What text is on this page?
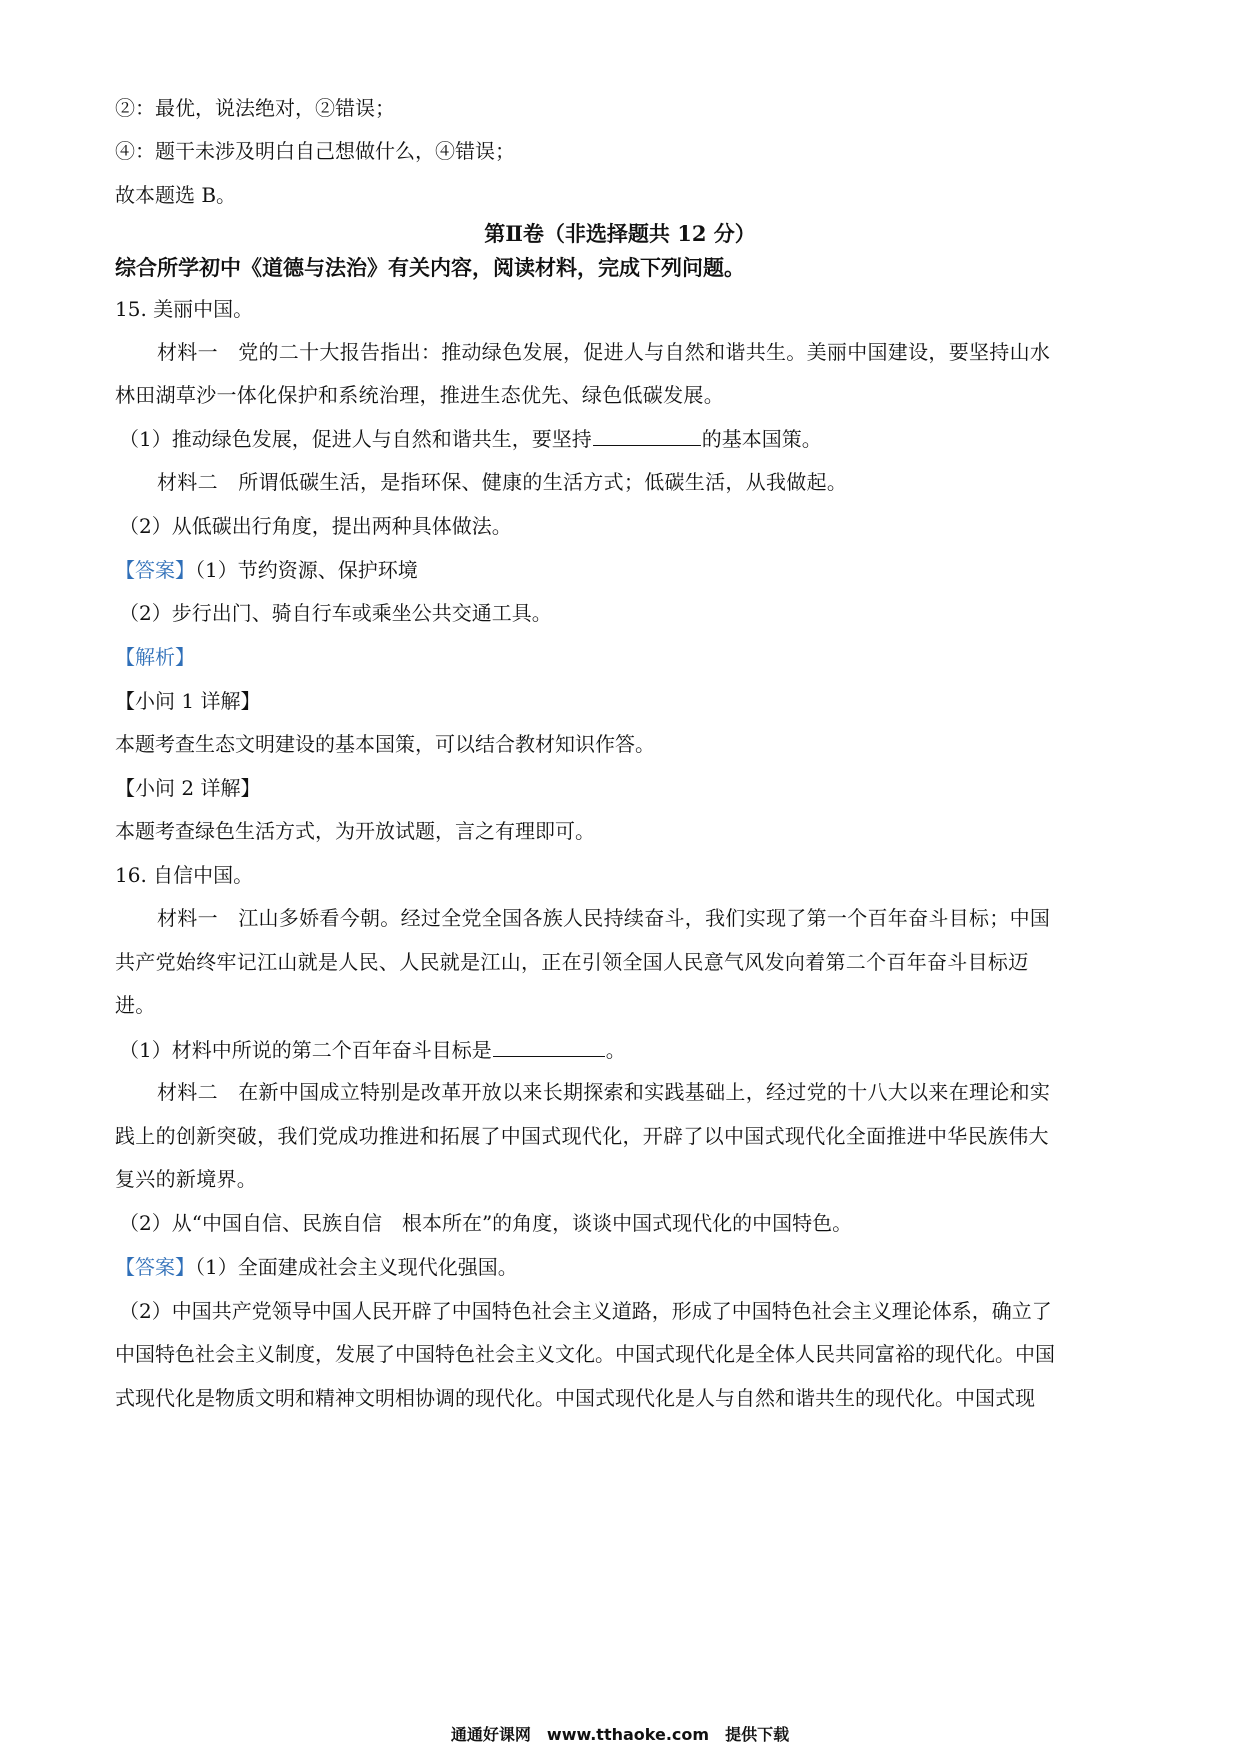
②：最优，说法绝对，②错误；
④：题干未涉及明白自己想做什么，④错误；
故本题选 B。
第Ⅱ卷（非选择题共 12 分）
综合所学初中《道德与法治》有关内容，阅读材料，完成下列问题。
15. 美丽中国。
材料一　党的二十大报告指出：推动绿色发展，促进人与自然和谐共生。美丽中国建设，要坚持山水
林田湖草沙一体化保护和系统治理，推进生态优先、绿色低碳发展。
（1）推动绿色发展，促进人与自然和谐共生，要坚持	的基本国策。
材料二　所谓低碳生活，是指环保、健康的生活方式；低碳生活，从我做起。
（2）从低碳出行角度，提出两种具体做法。
【答案】（1）节约资源、保护环境
（2）步行出门、骑自行车或乘坐公共交通工具。
【解析】
【小问 1 详解】
本题考查生态文明建设的基本国策，可以结合教材知识作答。
【小问 2 详解】
本题考查绿色生活方式，为开放试题，言之有理即可。
16. 自信中国。
材料一　江山多娇看今朝。经过全党全国各族人民持续奋斗，我们实现了第一个百年奋斗目标；中国
共产党始终牢记江山就是人民、人民就是江山，正在引领全国人民意气风发向着第二个百年奋斗目标迈
进。
（1）材料中所说的第二个百年奋斗目标是	。
材料二　在新中国成立特别是改革开放以来长期探索和实践基础上，经过党的十八大以来在理论和实
践上的创新突破，我们党成功推进和拓展了中国式现代化，开辟了以中国式现代化全面推进中华民族伟大
复兴的新境界。
（2）从“中国自信、民族自信　根本所在”的角度，谈谈中国式现代化的中国特色。
【答案】（1）全面建成社会主义现代化强国。
（2）中国共产党领导中国人民开辟了中国特色社会主义道路，形成了中国特色社会主义理论体系，确立了
中国特色社会主义制度，发展了中国特色社会主义文化。中国式现代化是全体人民共同富裕的现代化。中国
式现代化是物质文明和精神文明相协调的现代化。中国式现代化是人与自然和谐共生的现代化。中国式现
通通好课网　www.tthaoke.com　提供下载
